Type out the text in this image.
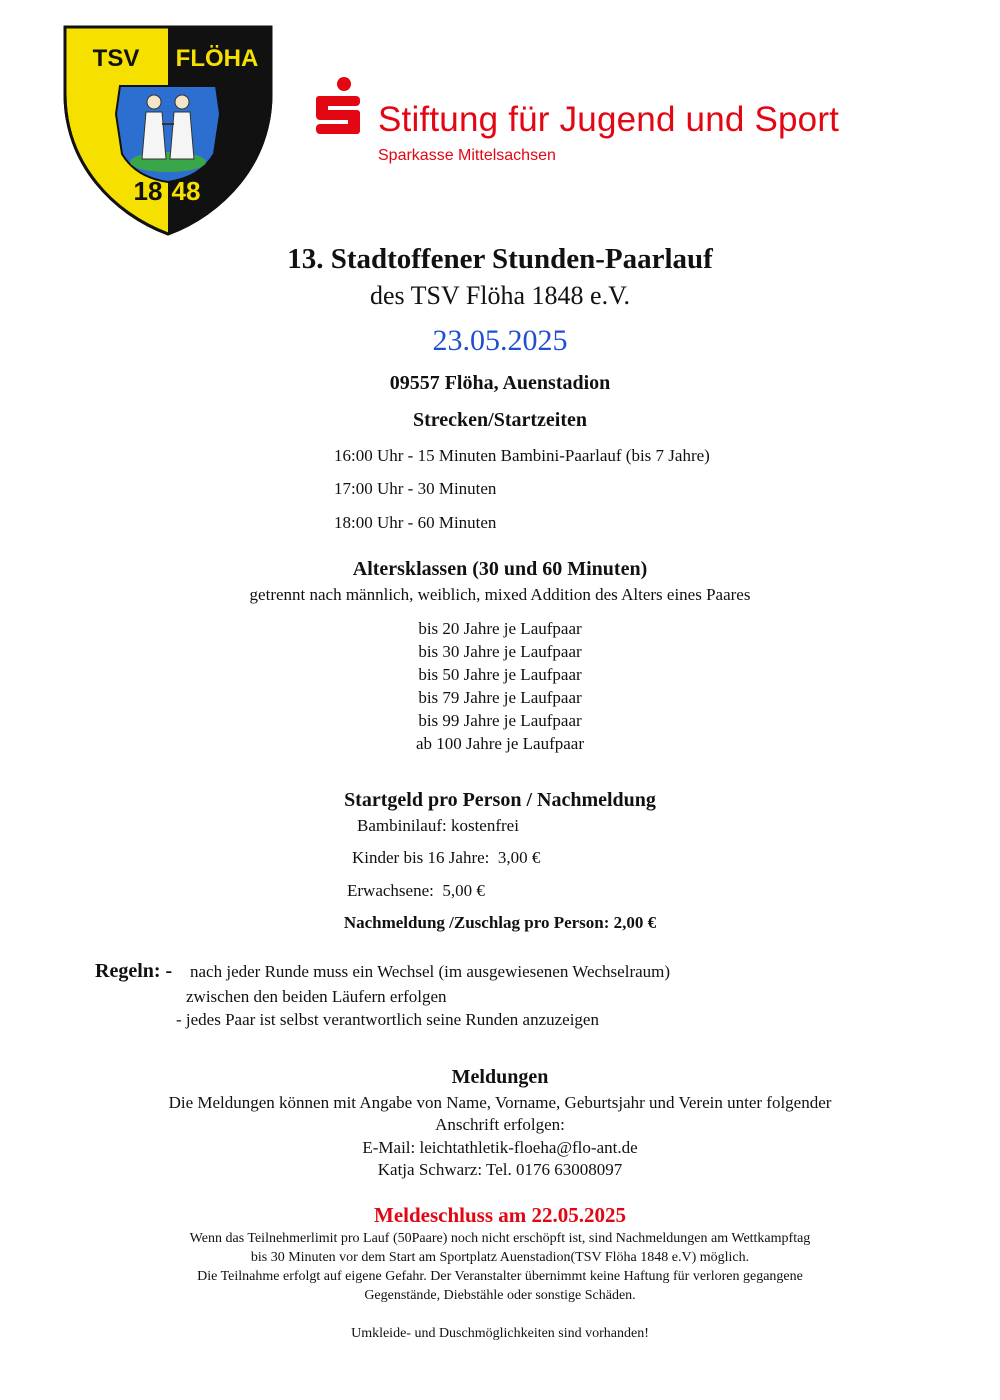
TSV FLÖHA
18 48
Stiftung für Jugend und Sport
Sparkasse Mittelsachsen
13. Stadtoffener Stunden-Paarlauf
des TSV Flöha 1848 e.V.
23.05.2025
09557 Flöha, Auenstadion
Strecken/Startzeiten
16:00 Uhr - 15 Minuten Bambini-Paarlauf (bis 7 Jahre)
17:00 Uhr - 30 Minuten
18:00 Uhr - 60 Minuten
Altersklassen (30 und 60 Minuten)
getrennt nach männlich, weiblich, mixed Addition des Alters eines Paares
bis 20 Jahre je Laufpaar
bis 30 Jahre je Laufpaar
bis 50 Jahre je Laufpaar
bis 79 Jahre je Laufpaar
bis 99 Jahre je Laufpaar
ab 100 Jahre je Laufpaar
Startgeld pro Person / Nachmeldung
Bambinilauf: kostenfrei
Kinder bis 16 Jahre:  3,00 €
Erwachsene:  5,00 €
Nachmeldung /Zuschlag pro Person: 2,00 €
Regeln: - nach jeder Runde muss ein Wechsel (im ausgewiesenen Wechselraum)
zwischen den beiden Läufern erfolgen
- jedes Paar ist selbst verantwortlich seine Runden anzuzeigen
Meldungen
Die Meldungen können mit Angabe von Name, Vorname, Geburtsjahr und Verein unter folgender
Anschrift erfolgen:
E-Mail: leichtathletik-floeha@flo-ant.de
Katja Schwarz: Tel. 0176 63008097
Meldeschluss am 22.05.2025
Wenn das Teilnehmerlimit pro Lauf (50Paare) noch nicht erschöpft ist, sind Nachmeldungen am Wettkampftag
bis 30 Minuten vor dem Start am Sportplatz Auenstadion(TSV Flöha 1848 e.V) möglich.
Die Teilnahme erfolgt auf eigene Gefahr. Der Veranstalter übernimmt keine Haftung für verloren gegangene
Gegenstände, Diebstähle oder sonstige Schäden.
Umkleide- und Duschmöglichkeiten sind vorhanden!
